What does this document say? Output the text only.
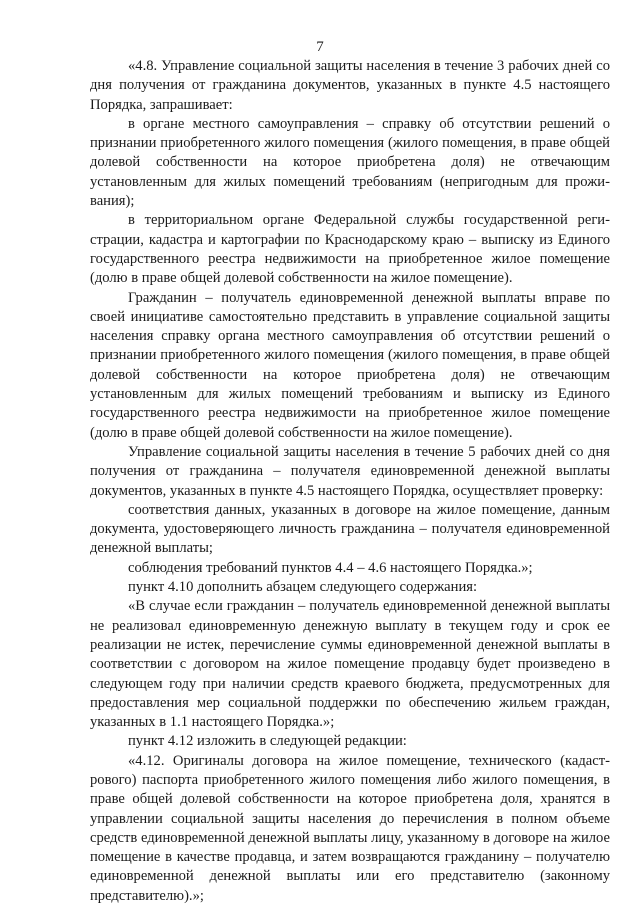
7

«4.8. Управление социальной защиты населения в течение 3 рабочих дней со дня получения от гражданина документов, указанных в пункте 4.5 настоящего Порядка, запрашивает:

в органе местного самоуправления – справку об отсутствии решений о признании приобретенного жилого помещения (жилого помещения, в праве общей долевой собственности на которое приобретена доля) не отвечающим установленным для жилых помещений требованиям (непригодным для проживания);

в территориальном органе Федеральной службы государственной регистрации, кадастра и картографии по Краснодарскому краю – выписку из Единого государственного реестра недвижимости на приобретенное жилое помещение (долю в праве общей долевой собственности на жилое помещение).

Гражданин – получатель единовременной денежной выплаты вправе по своей инициативе самостоятельно представить в управление социальной защиты населения справку органа местного самоуправления об отсутствии решений о признании приобретенного жилого помещения (жилого помещения, в праве общей долевой собственности на которое приобретена доля) не отвечающим установленным для жилых помещений требованиям и выписку из Единого государственного реестра недвижимости на приобретенное жилое помещение (долю в праве общей долевой собственности на жилое помещение).

Управление социальной защиты населения в течение 5 рабочих дней со дня получения от гражданина – получателя единовременной денежной выплаты документов, указанных в пункте 4.5 настоящего Порядка, осуществляет проверку:

соответствия данных, указанных в договоре на жилое помещение, данным документа, удостоверяющего личность гражданина – получателя единовременной денежной выплаты;

соблюдения требований пунктов 4.4 – 4.6 настоящего Порядка.»;

пункт 4.10 дополнить абзацем следующего содержания:

«В случае если гражданин – получатель единовременной денежной выплаты не реализовал единовременную денежную выплату в текущем году и срок ее реализации не истек, перечисление суммы единовременной денежной выплаты в соответствии с договором на жилое помещение продавцу будет произведено в следующем году при наличии средств краевого бюджета, предусмотренных для предоставления мер социальной поддержки по обеспечению жильем граждан, указанных в 1.1 настоящего Порядка.»;

пункт 4.12 изложить в следующей редакции:

«4.12. Оригиналы договора на жилое помещение, технического (кадастрового) паспорта приобретенного жилого помещения либо жилого помещения, в праве общей долевой собственности на которое приобретена доля, хранятся в управлении социальной защиты населения до перечисления в полном объеме средств единовременной денежной выплаты лицу, указанному в договоре на жилое помещение в качестве продавца, и затем возвращаются гражданину – получателю единовременной денежной выплаты или его представителю (законному представителю).»;
